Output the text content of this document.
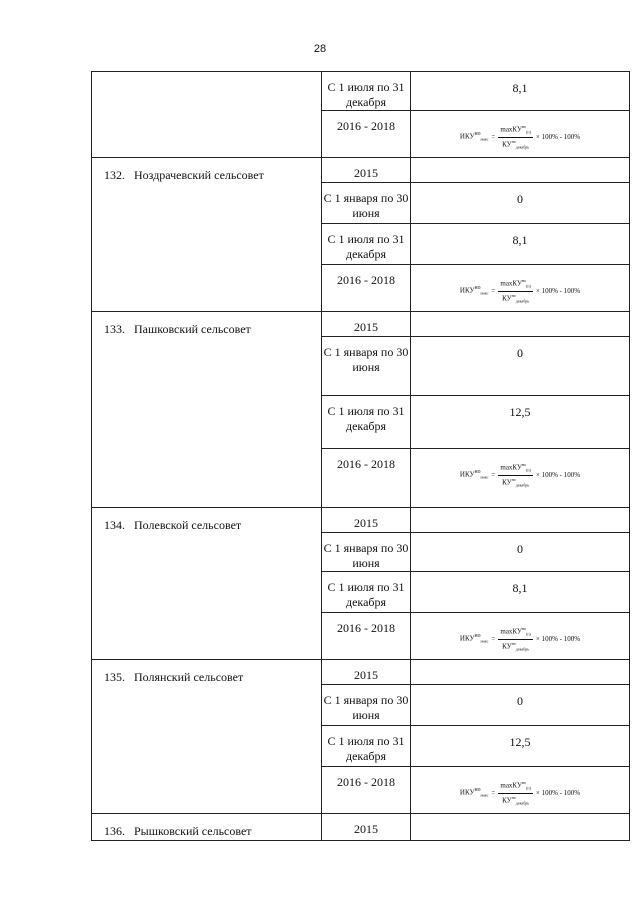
28
	С 1 июля по 31 декабря	8,1

	2016 - 2018	$ИКУ^{но}_{макс} = \frac{\max КУ^{но}_{(п)}}{КУ^{но}_{декабрь}} \times 100\% - 100\%$

132. Ноздрачевский сельсовет	2015	

	С 1 января по 30 июня	0

	С 1 июля по 31 декабря	8,1

	2016 - 2018	$ИКУ^{но}_{макс} = \frac{\max КУ^{но}_{(п)}}{КУ^{но}_{декабрь}} \times 100\% - 100\%$

133. Пашковский сельсовет	2015	

	С 1 января по 30 июня	0

	С 1 июля по 31 декабря	12,5

	2016 - 2018	$ИКУ^{но}_{макс} = \frac{\max КУ^{но}_{(п)}}{КУ^{но}_{декабрь}} \times 100\% - 100\%$

134. Полевской сельсовет	2015	

	С 1 января по 30 июня	0

	С 1 июля по 31 декабря	8,1

	2016 - 2018	$ИКУ^{но}_{макс} = \frac{\max КУ^{но}_{(п)}}{КУ^{но}_{декабрь}} \times 100\% - 100\%$

135. Полянский сельсовет	2015	

	С 1 января по 30 июня	0

	С 1 июля по 31 декабря	12,5

	2016 - 2018	$ИКУ^{но}_{макс} = \frac{\max КУ^{но}_{(п)}}{КУ^{но}_{декабрь}} \times 100\% - 100\%$

136. Рышковский сельсовет	2015	
